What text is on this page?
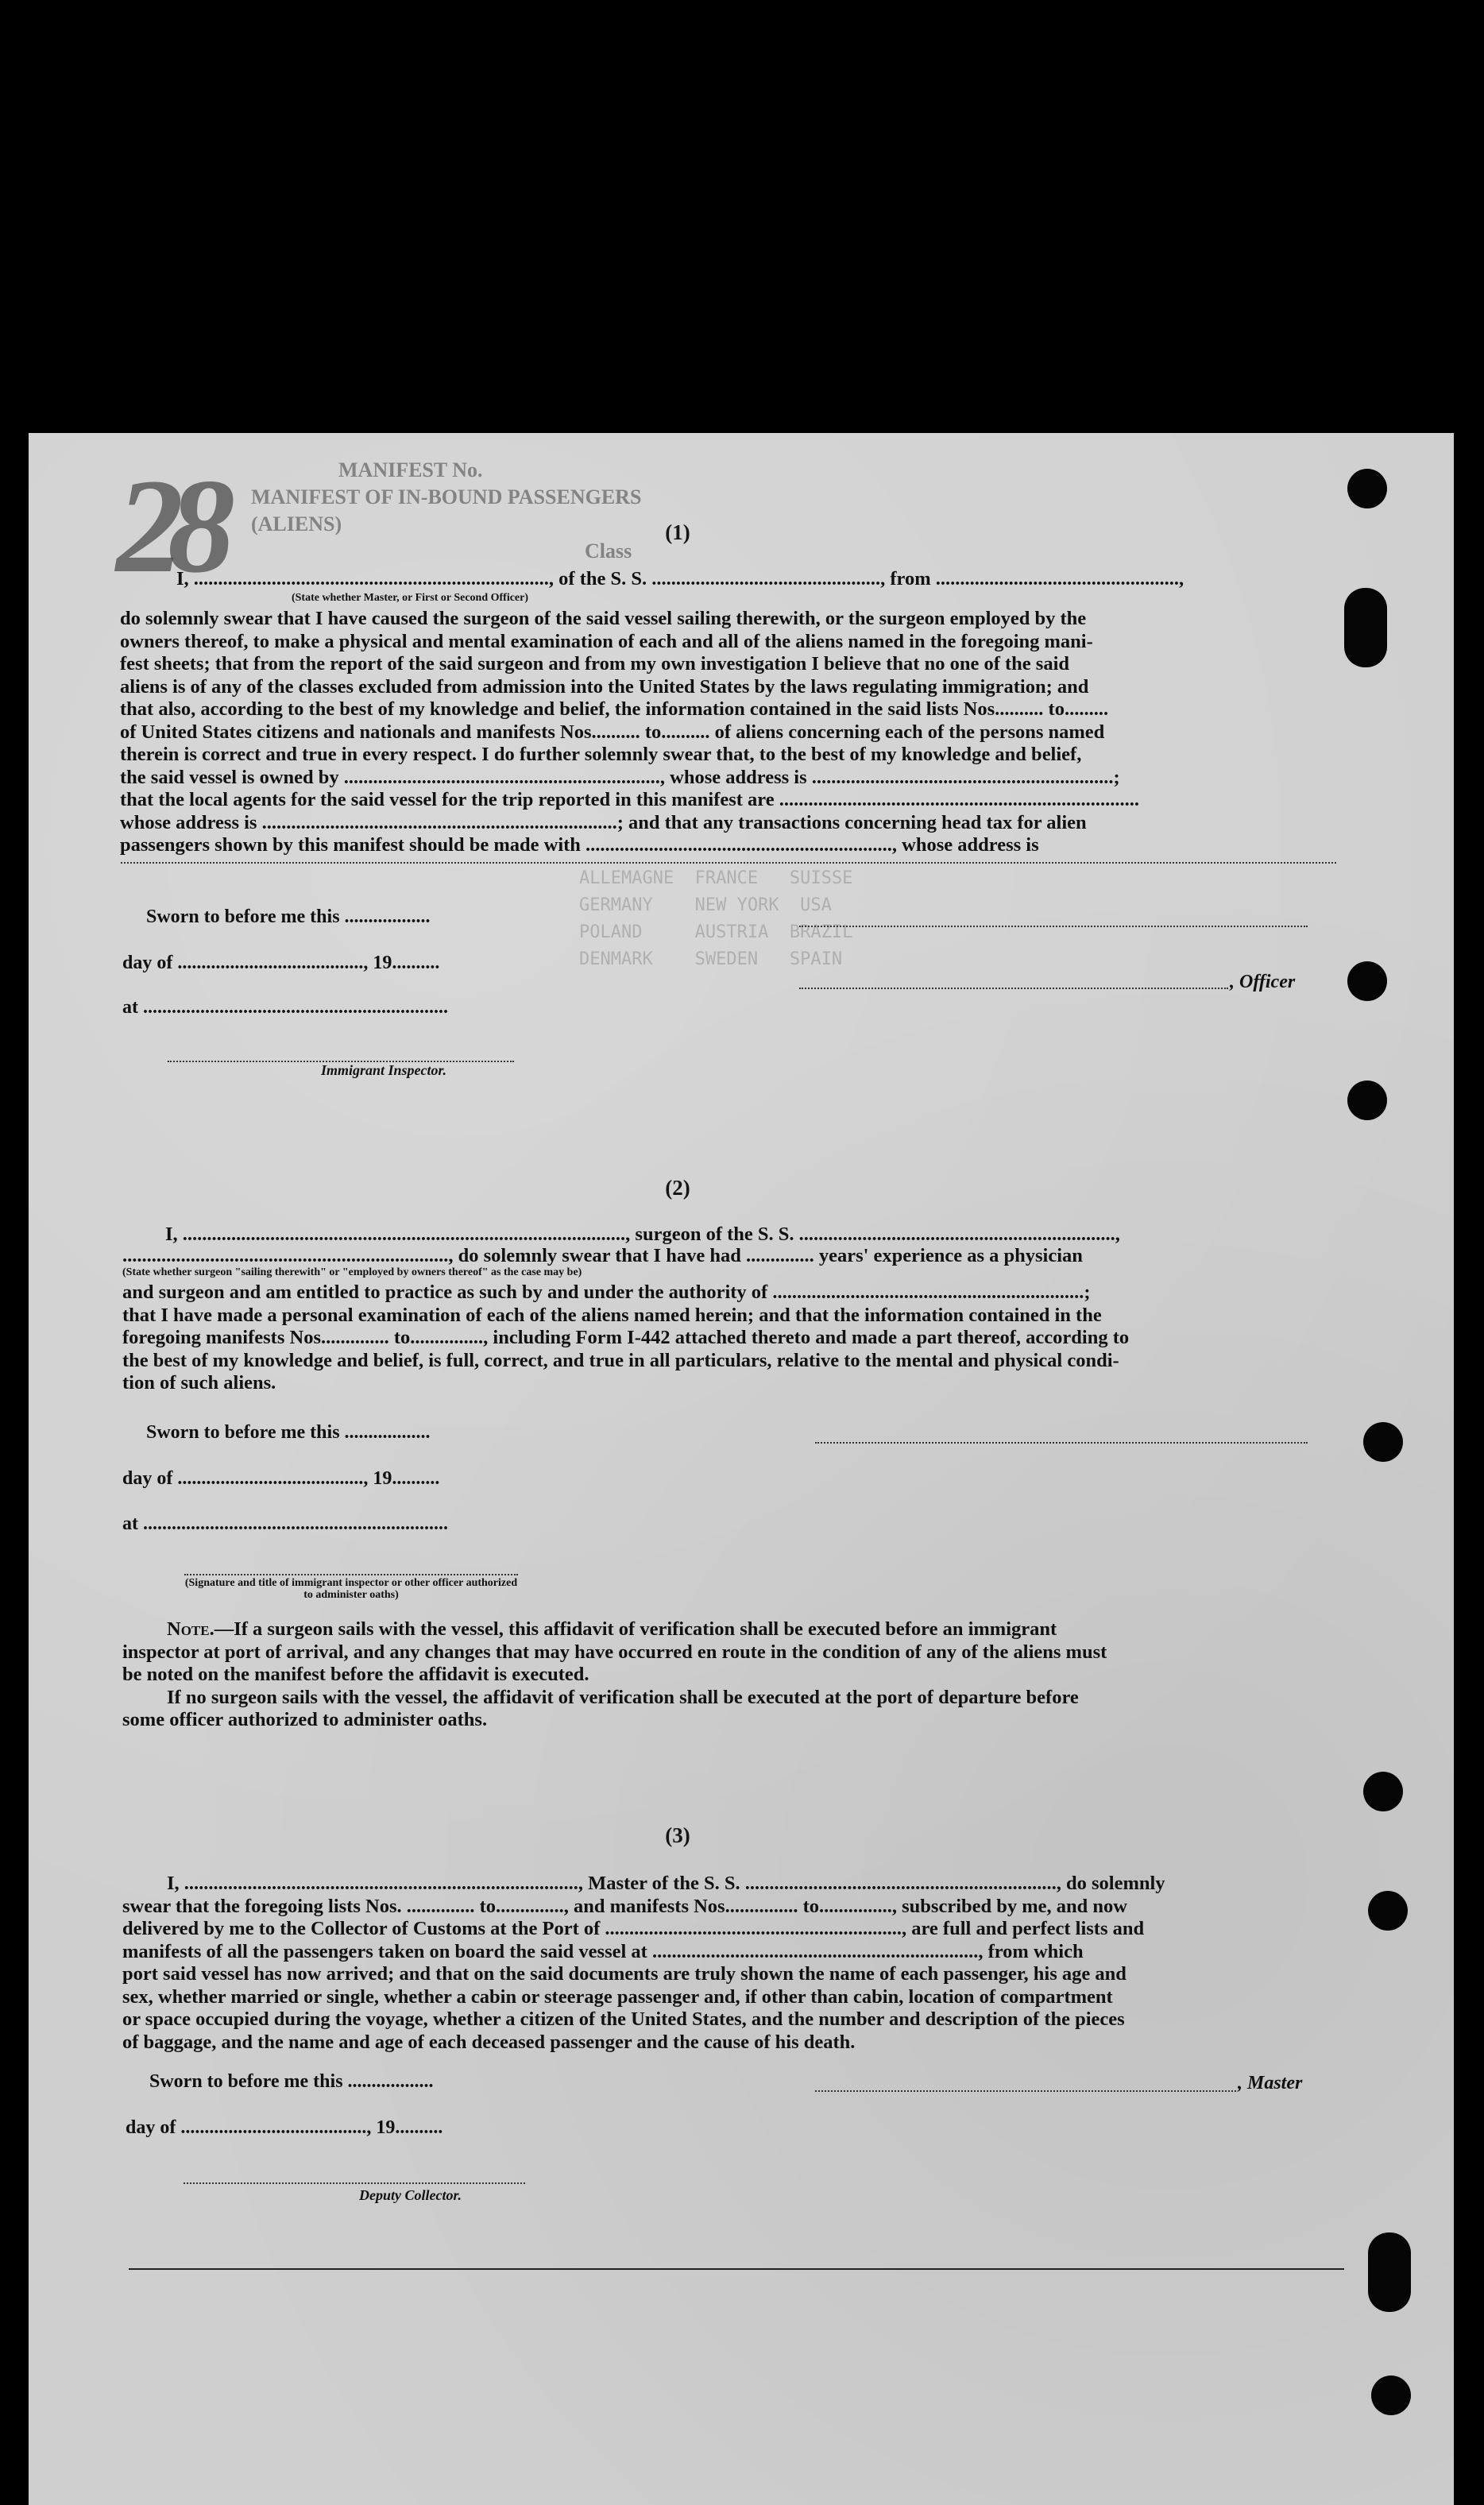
ALLEMAGNE  FRANCE   SUISSE
GERMANY    NEW YORK  USA
POLAND     AUSTRIA  BRAZIL
DENMARK    SWEDEN   SPAIN

28	MANIFEST No.
MANIFEST OF IN-BOUND PASSENGERS (ALIENS)
Class
(1)
I, ........................................................................., of the S. S. ..............................................., from ..................................................,
(State whether Master, or First or Second Officer)
do solemnly swear that I have caused the surgeon of the said vessel sailing therewith, or the surgeon employed by the
owners thereof, to make a physical and mental examination of each and all of the aliens named in the foregoing mani-
fest sheets; that from the report of the said surgeon and from my own investigation I believe that no one of the said
aliens is of any of the classes excluded from admission into the United States by the laws regulating immigration; and
that also, according to the best of my knowledge and belief, the information contained in the said lists Nos.......... to.........
of United States citizens and nationals and manifests Nos.......... to.......... of aliens concerning each of the persons named
therein is correct and true in every respect. I do further solemnly swear that, to the best of my knowledge and belief,
the said vessel is owned by ................................................................., whose address is ..............................................................;
that the local agents for the said vessel for the trip reported in this manifest are ..........................................................................
whose address is .........................................................................; and that any transactions concerning head tax for alien
passengers shown by this manifest should be made with ..............................................................., whose address is
Sworn to before me this ..................
day of ......................................., 19..........
at ................................................................
Immigrant Inspector.
, Officer
(2)
I, ..........................................................................................., surgeon of the S. S. .................................................................,
..................................................................., do solemnly swear that I have had .............. years' experience as a physician
(State whether surgeon "sailing therewith" or "employed by owners thereof" as the case may be)
and surgeon and am entitled to practice as such by and under the authority of ................................................................;
that I have made a personal examination of each of the aliens named herein; and that the information contained in the
foregoing manifests Nos.............. to..............., including Form I-442 attached thereto and made a part thereof, according to
the best of my knowledge and belief, is full, correct, and true in all particulars, relative to the mental and physical condi-
tion of such aliens.
Sworn to before me this ..................
day of ......................................., 19..........
at ................................................................
(Signature and title of immigrant inspector or other officer authorized to administer oaths)
Note.—If a surgeon sails with the vessel, this affidavit of verification shall be executed before an immigrant
inspector at port of arrival, and any changes that may have occurred en route in the condition of any of the aliens must
be noted on the manifest before the affidavit is executed.
If no surgeon sails with the vessel, the affidavit of verification shall be executed at the port of departure before
some officer authorized to administer oaths.
(3)
I, ................................................................................., Master of the S. S. ................................................................, do solemnly
swear that the foregoing lists Nos. .............. to.............., and manifests Nos............... to..............., subscribed by me, and now
delivered by me to the Collector of Customs at the Port of ............................................................., are full and perfect lists and
manifests of all the passengers taken on board the said vessel at ..................................................................., from which
port said vessel has now arrived; and that on the said documents are truly shown the name of each passenger, his age and
sex, whether married or single, whether a cabin or steerage passenger and, if other than cabin, location of compartment
or space occupied during the voyage, whether a citizen of the United States, and the number and description of the pieces
of baggage, and the name and age of each deceased passenger and the cause of his death.
Sworn to before me this ..................
day of ......................................., 19..........
, Master
Deputy Collector.
